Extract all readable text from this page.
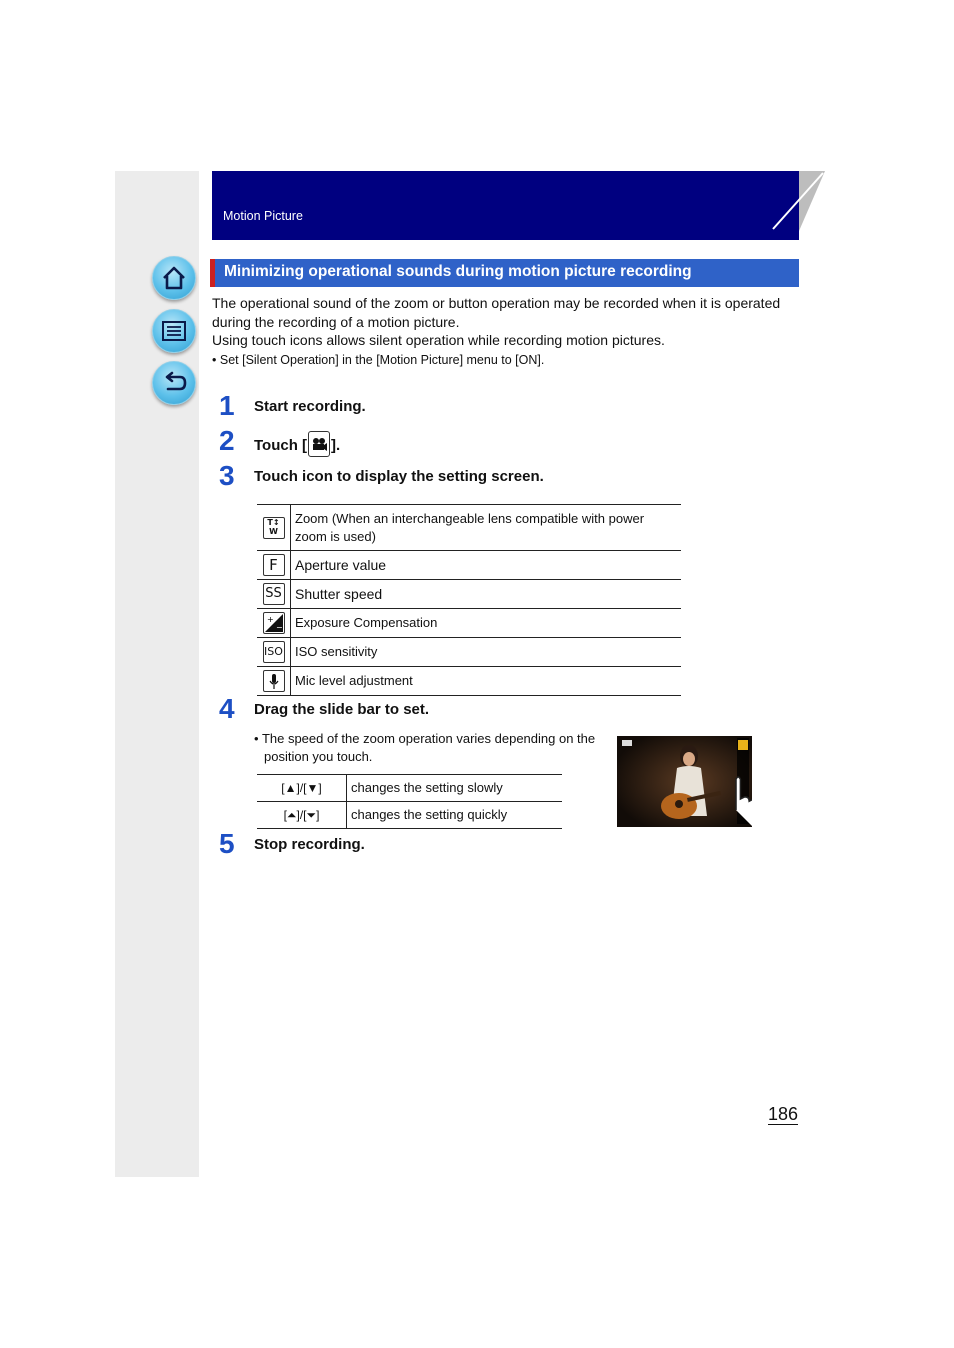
Motion Picture
Minimizing operational sounds during motion picture recording

The operational sound of the zoom or button operation may be recorded when it is operated during the recording of a motion picture.

Using touch icons allows silent operation while recording motion pictures.

• Set [Silent Operation] in the [Motion Picture] menu to [ON].

1 Start recording.
2 Touch [ ].
3 Touch icon to display the setting screen.
T↕
W	Zoom (When an interchangeable lens compatible with power zoom is used)
F	Aperture value
SS	Shutter speed

+
−	Exposure Compensation
ISO	ISO sensitivity
	Mic level adjustment
4 Drag the slide bar to set.
• The speed of the zoom operation varies depending on the position you touch.
[▲]/[▼]	changes the setting slowly
[⏶]/[⏷]	changes the setting quickly
5 Stop recording.
186
